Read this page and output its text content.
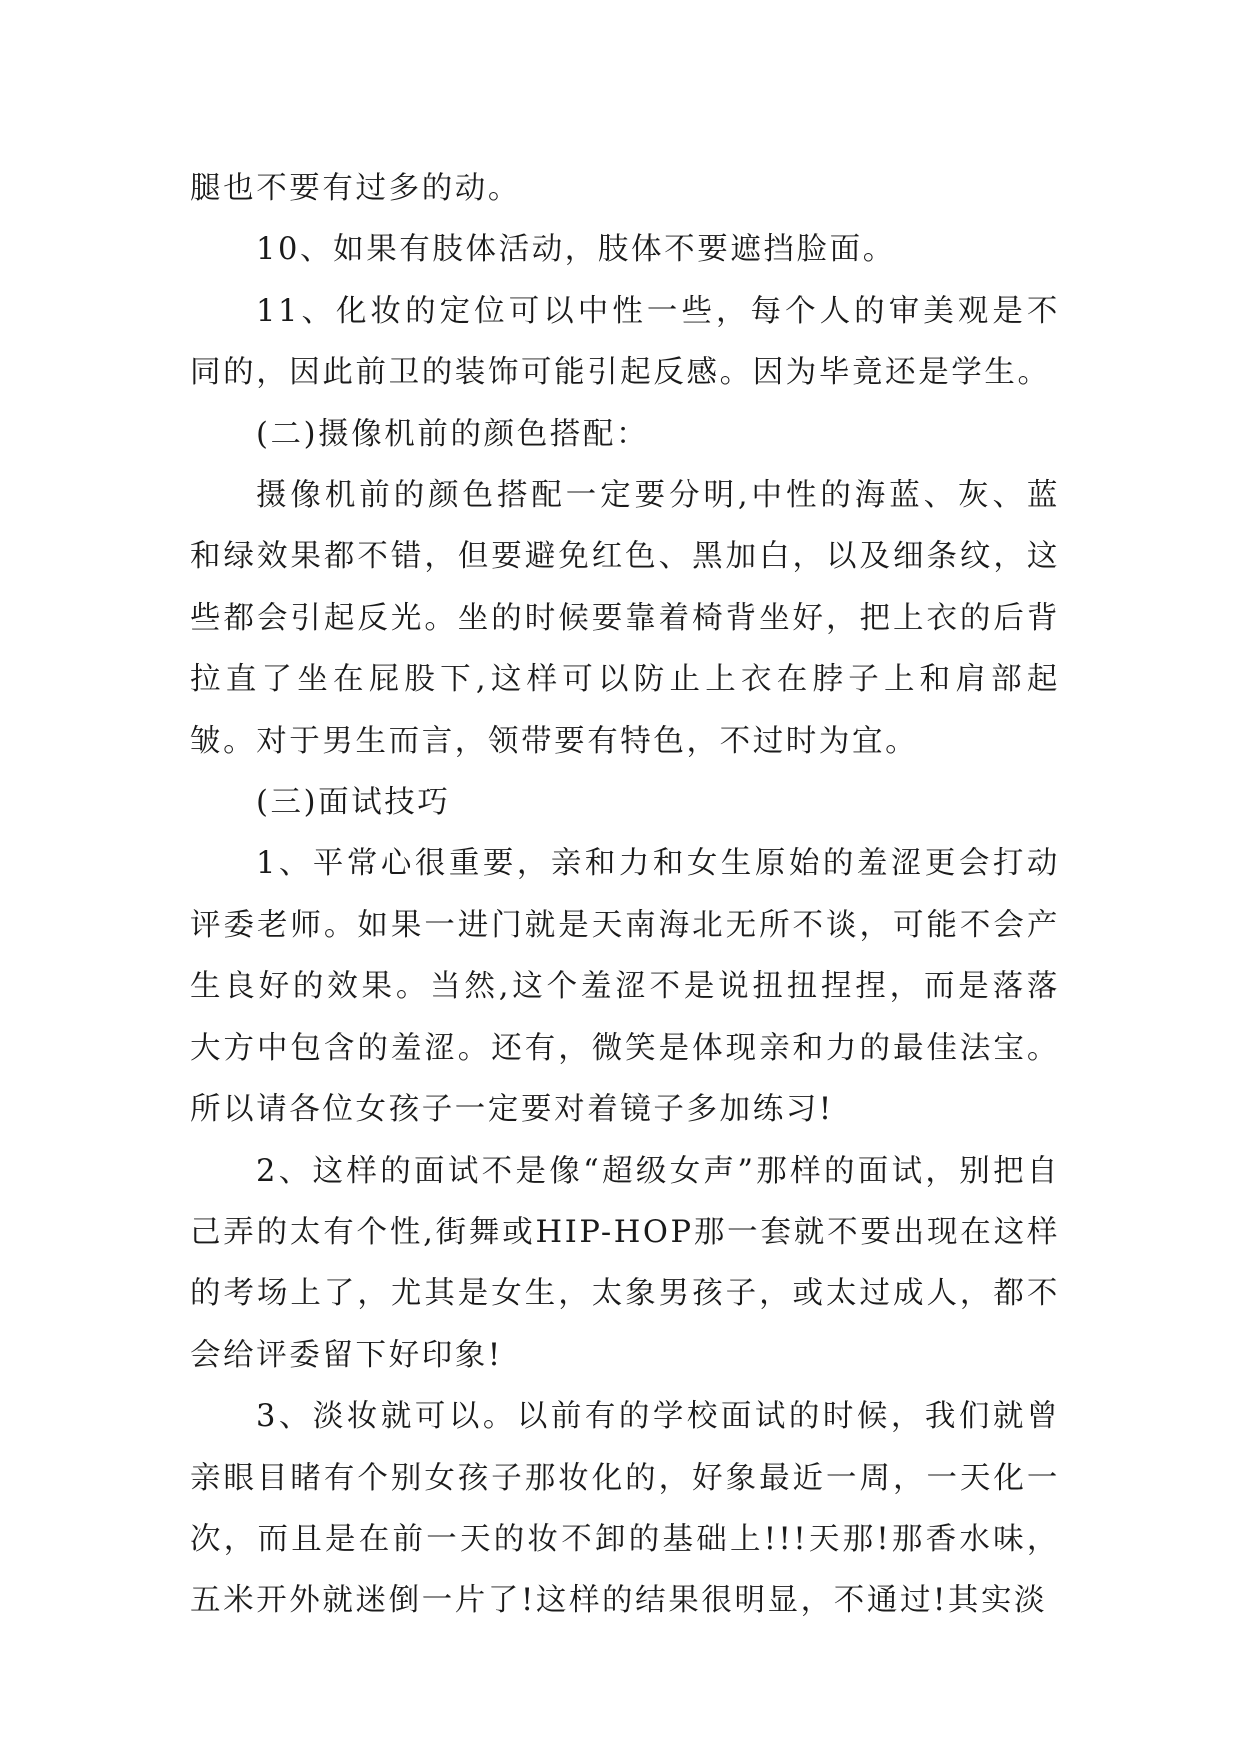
腿也不要有过多的动。

10、如果有肢体活动，肢体不要遮挡脸面。

11、化妆的定位可以中性一些，每个人的审美观是不同的，因此前卫的装饰可能引起反感。因为毕竟还是学生。

(二)摄像机前的颜色搭配：

摄像机前的颜色搭配一定要分明,中性的海蓝、灰、蓝和绿效果都不错，但要避免红色、黑加白，以及细条纹，这些都会引起反光。坐的时候要靠着椅背坐好，把上衣的后背拉直了坐在屁股下,这样可以防止上衣在脖子上和肩部起皱。对于男生而言，领带要有特色，不过时为宜。

(三)面试技巧

1、平常心很重要，亲和力和女生原始的羞涩更会打动评委老师。如果一进门就是天南海北无所不谈，可能不会产生良好的效果。当然,这个羞涩不是说扭扭捏捏，而是落落大方中包含的羞涩。还有，微笑是体现亲和力的最佳法宝。所以请各位女孩子一定要对着镜子多加练习!

2、这样的面试不是像“超级女声”那样的面试，别把自己弄的太有个性,街舞或HIP-HOP那一套就不要出现在这样的考场上了，尤其是女生，太象男孩子，或太过成人，都不会给评委留下好印象!

3、淡妆就可以。以前有的学校面试的时候，我们就曾亲眼目睹有个别女孩子那妆化的，好象最近一周，一天化一次，而且是在前一天的妆不卸的基础上!!!天那!那香水味，五米开外就迷倒一片了!这样的结果很明显，不通过!其实淡
